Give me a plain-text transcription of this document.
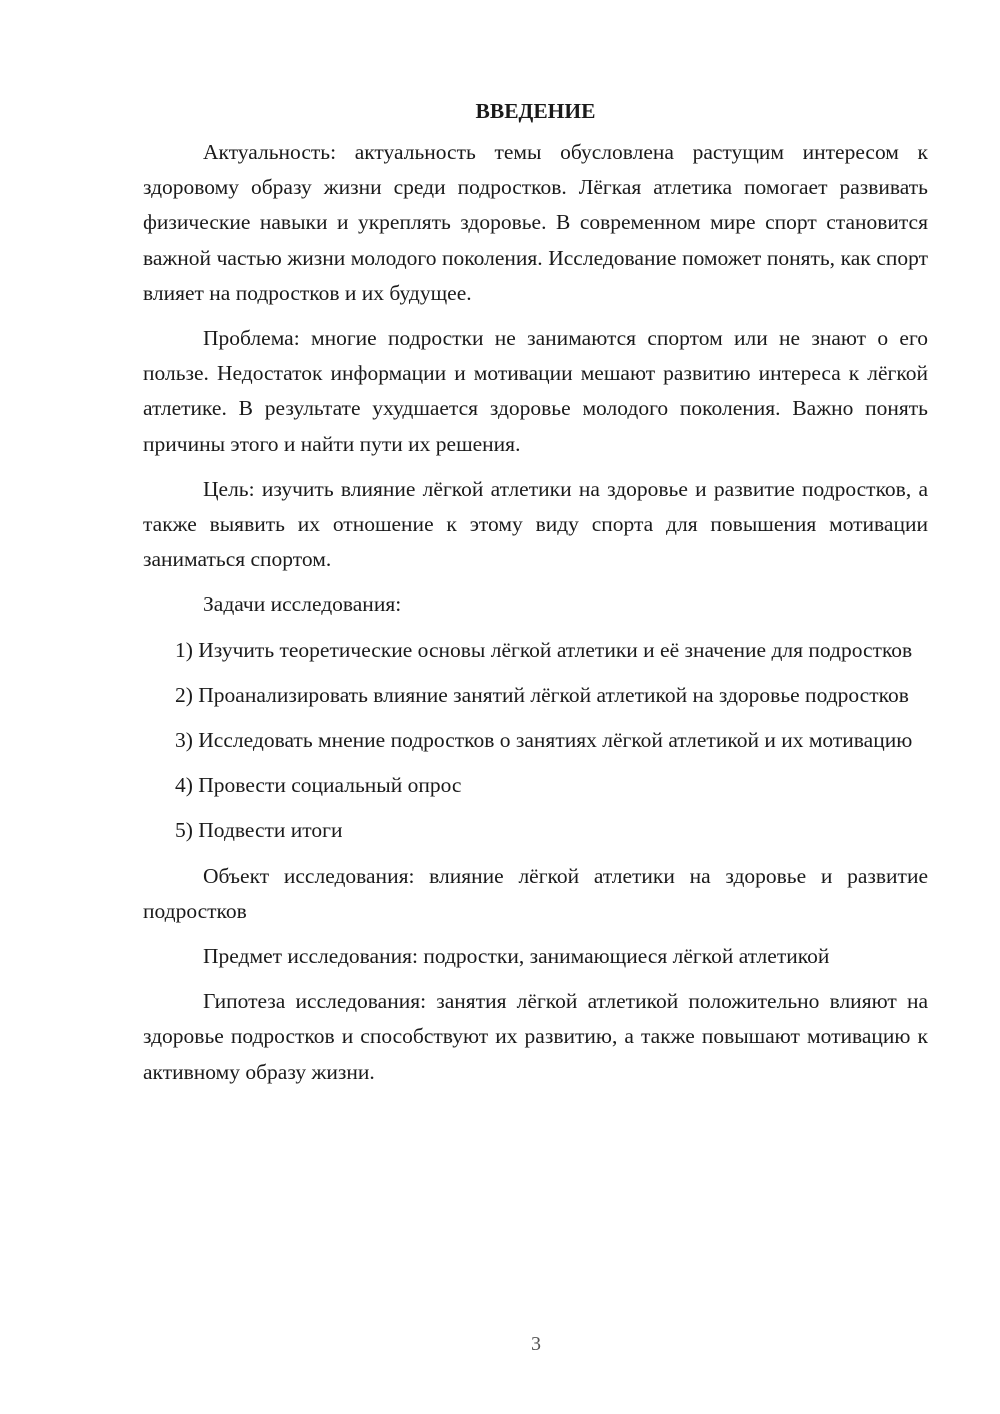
ВВЕДЕНИЕ

Актуальность: актуальность темы обусловлена растущим интересом к здоровому образу жизни среди подростков. Лёгкая атлетика помогает развивать физические навыки и укреплять здоровье. В современном мире спорт становится важной частью жизни молодого поколения. Исследование поможет понять, как спорт влияет на подростков и их будущее.

Проблема: многие подростки не занимаются спортом или не знают о его пользе. Недостаток информации и мотивации мешают развитию интереса к лёгкой атлетике. В результате ухудшается здоровье молодого поколения. Важно понять причины этого и найти пути их решения.

Цель: изучить влияние лёгкой атлетики на здоровье и развитие подростков, а также выявить их отношение к этому виду спорта для повышения мотивации заниматься спортом.

Задачи исследования:

1) Изучить теоретические основы лёгкой атлетики и её значение для подростков

2) Проанализировать влияние занятий лёгкой атлетикой на здоровье подростков

3) Исследовать мнение подростков о занятиях лёгкой атлетикой и их мотивацию

4) Провести социальный опрос

5) Подвести итоги

Объект исследования: влияние лёгкой атлетики на здоровье и развитие подростков

Предмет исследования: подростки, занимающиеся лёгкой атлетикой

Гипотеза исследования: занятия лёгкой атлетикой положительно влияют на здоровье подростков и способствуют их развитию, а также повышают мотивацию к активному образу жизни.

3
